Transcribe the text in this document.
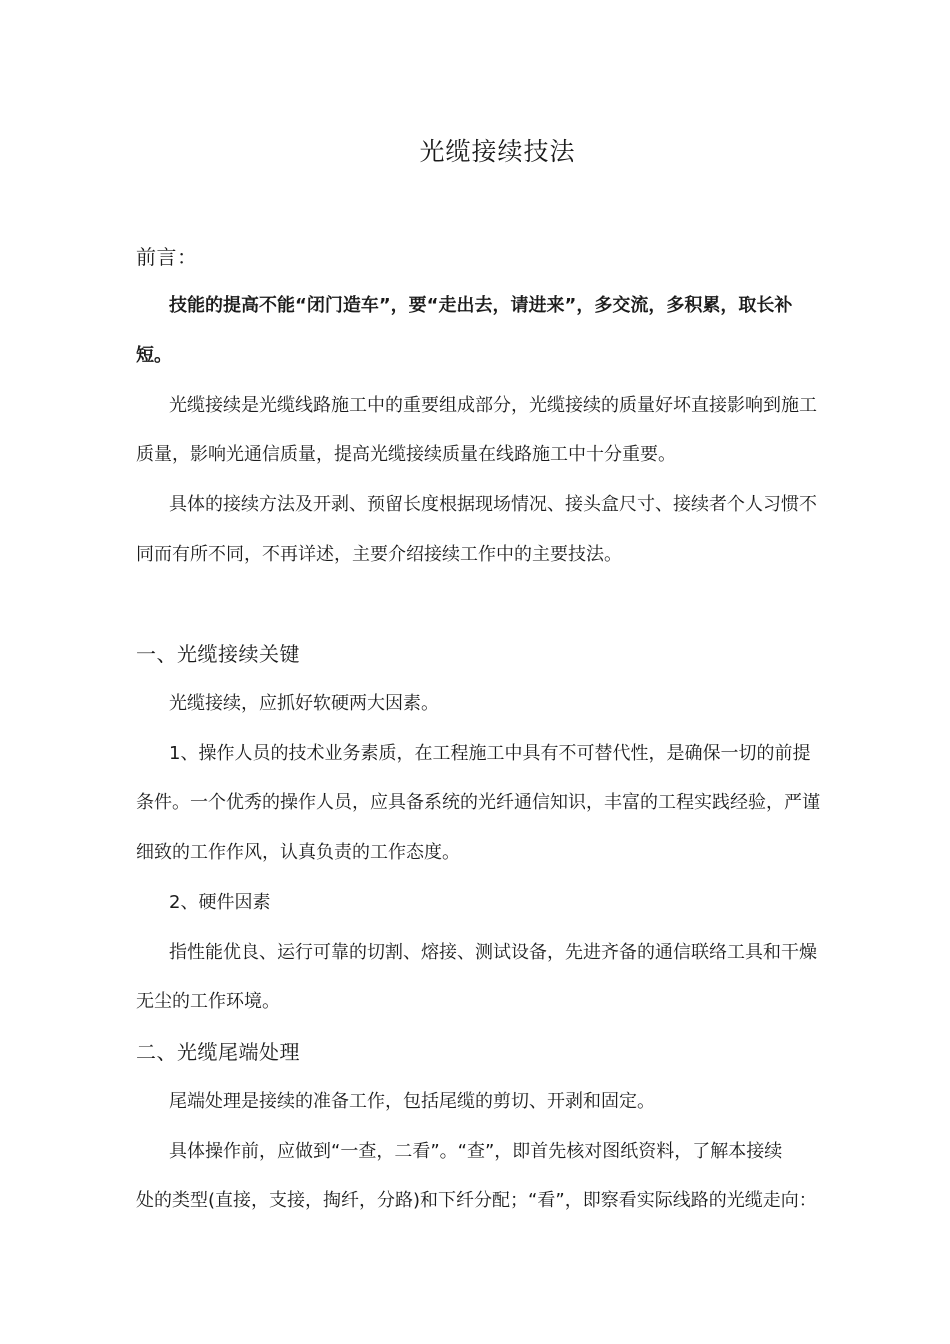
光缆接续技法
前言：
技能的提高不能“闭门造车”，要“走出去，请进来”，多交流，多积累，取长补
短。
光缆接续是光缆线路施工中的重要组成部分，光缆接续的质量好坏直接影响到施工
质量，影响光通信质量，提高光缆接续质量在线路施工中十分重要。
具体的接续方法及开剥、预留长度根据现场情况、接头盒尺寸、接续者个人习惯不
同而有所不同，不再详述，主要介绍接续工作中的主要技法。
一、光缆接续关键
光缆接续，应抓好软硬两大因素。
1、操作人员的技术业务素质，在工程施工中具有不可替代性，是确保一切的前提
条件。一个优秀的操作人员，应具备系统的光纤通信知识，丰富的工程实践经验，严谨
细致的工作作风，认真负责的工作态度。
2、硬件因素
指性能优良、运行可靠的切割、熔接、测试设备，先进齐备的通信联络工具和干燥
无尘的工作环境。
二、光缆尾端处理
尾端处理是接续的准备工作，包括尾缆的剪切、开剥和固定。
具体操作前，应做到“一查，二看”。“查”，即首先核对图纸资料，了解本接续
处的类型(直接，支接，掏纤，分路)和下纤分配；“看”，即察看实际线路的光缆走向：
